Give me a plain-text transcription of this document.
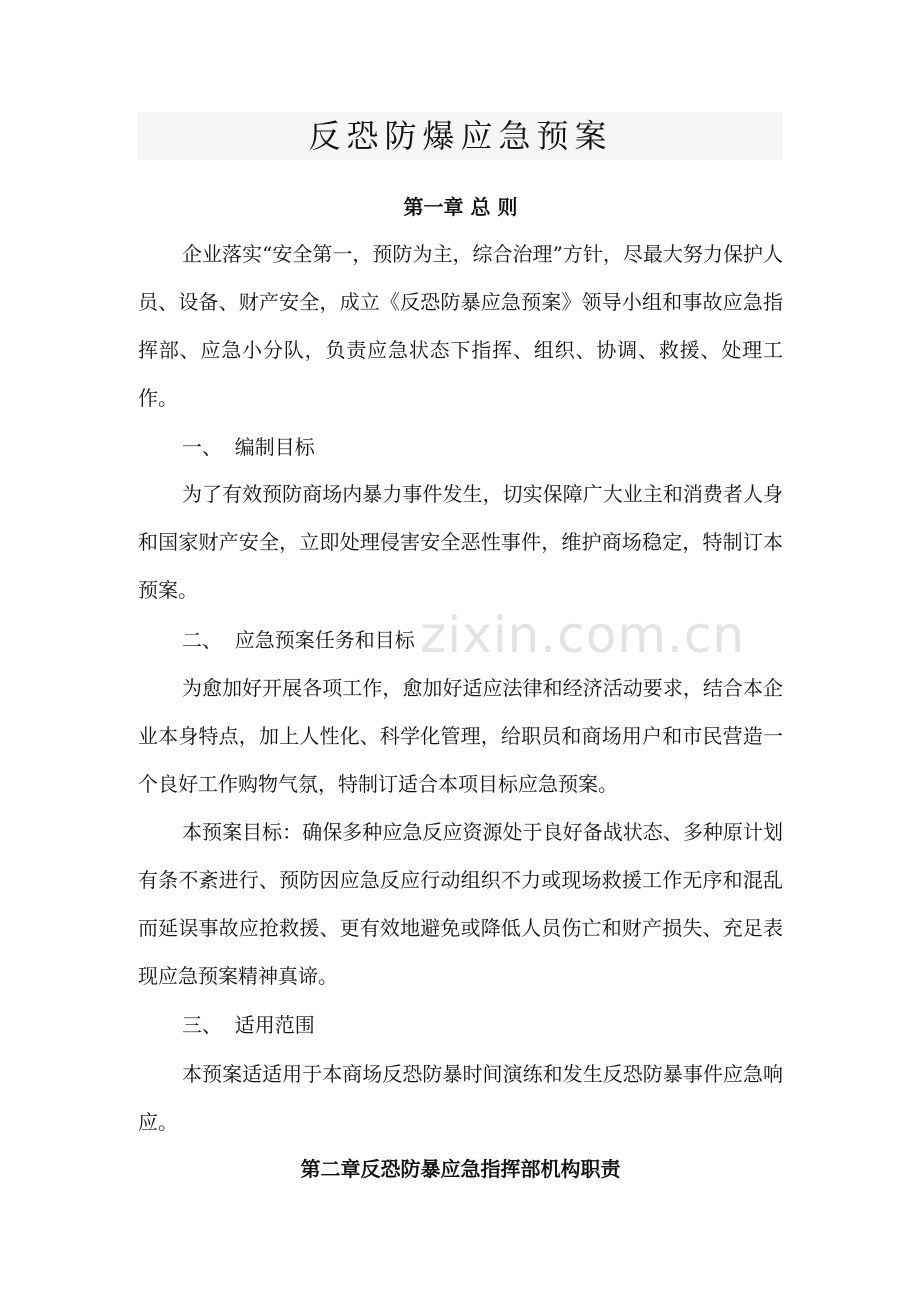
反恐防爆应急预案
第一章 总 则

企业落实“安全第一，预防为主，综合治理”方针，尽最大努力保护人员、设备、财产安全，成立《反恐防暴应急预案》领导小组和事故应急指挥部、应急小分队，负责应急状态下指挥、组织、协调、救援、处理工作。

一、  编制目标

为了有效预防商场内暴力事件发生，切实保障广大业主和消费者人身和国家财产安全，立即处理侵害安全恶性事件，维护商场稳定，特制订本预案。

zixin.com.cn

二、  应急预案任务和目标

为愈加好开展各项工作，愈加好适应法律和经济活动要求，结合本企业本身特点，加上人性化、科学化管理，给职员和商场用户和市民营造一个良好工作购物气氛，特制订适合本项目标应急预案。

本预案目标：确保多种应急反应资源处于良好备战状态、多种原计划有条不紊进行、预防因应急反应行动组织不力或现场救援工作无序和混乱而延误事故应抢救援、更有效地避免或降低人员伤亡和财产损失、充足表现应急预案精神真谛。

三、  适用范围

本预案适适用于本商场反恐防暴时间演练和发生反恐防暴事件应急响应。

第二章反恐防暴应急指挥部机构职责
